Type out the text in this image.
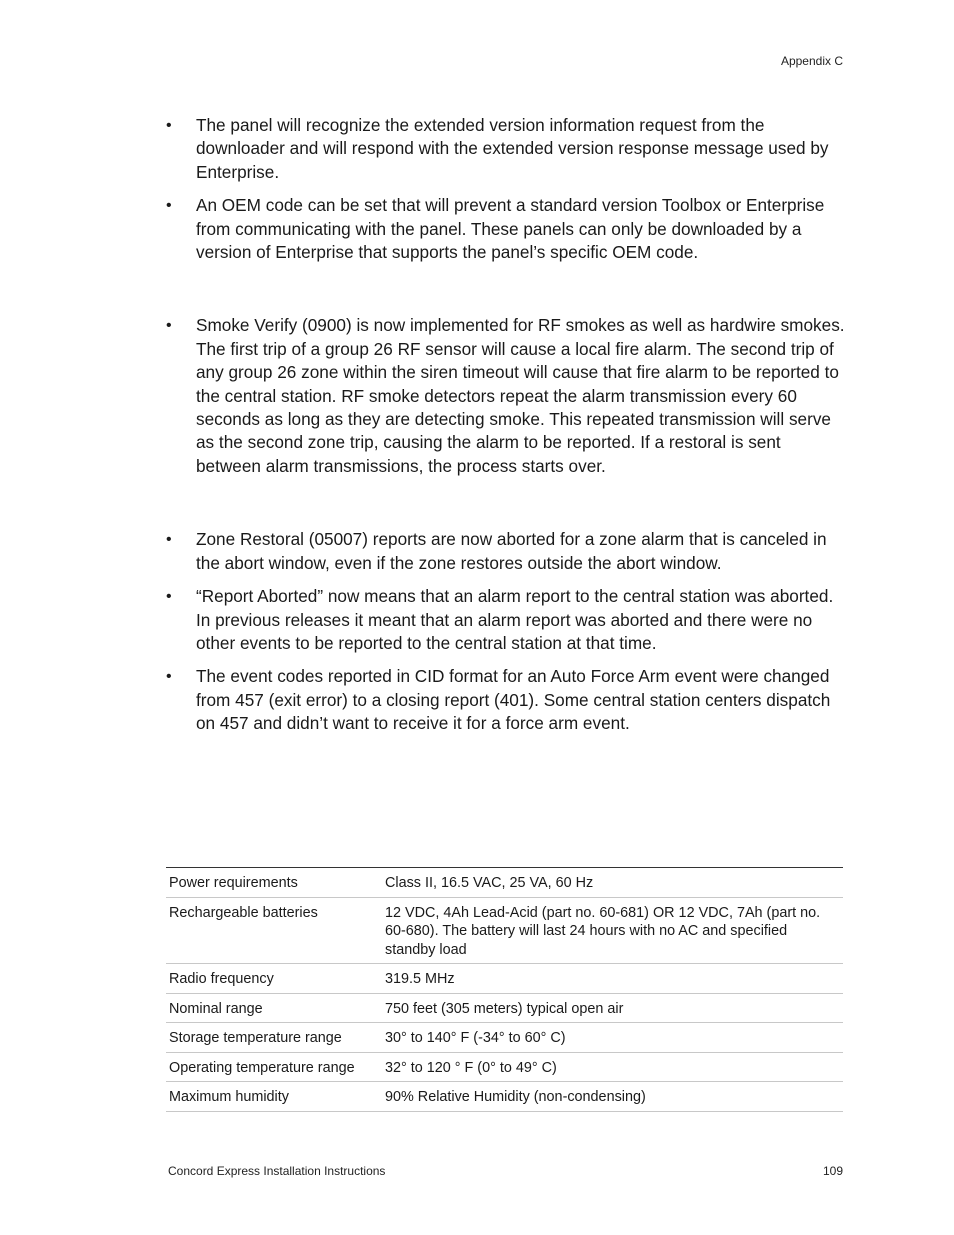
Appendix C
• The panel will recognize the extended version information request from the downloader and will respond with the extended version response message used by Enterprise.
• An OEM code can be set that will prevent a standard version Toolbox or Enterprise from communicating with the panel. These panels can only be downloaded by a version of Enterprise that supports the panel’s specific OEM code.
• Smoke Verify (0900) is now implemented for RF smokes as well as hardwire smokes. The first trip of a group 26 RF sensor will cause a local fire alarm. The second trip of any group 26 zone within the siren timeout will cause that fire alarm to be reported to the central station. RF smoke detectors repeat the alarm transmission every 60 seconds as long as they are detecting smoke. This repeated transmission will serve as the second zone trip, causing the alarm to be reported. If a restoral is sent between alarm transmissions, the process starts over.
• Zone Restoral (05007) reports are now aborted for a zone alarm that is canceled in the abort window, even if the zone restores outside the abort window.
• “Report Aborted” now means that an alarm report to the central station was aborted. In previous releases it meant that an alarm report was aborted and there were no other events to be reported to the central station at that time.
• The event codes reported in CID format for an Auto Force Arm event were changed from 457 (exit error) to a closing report (401). Some central station centers dispatch on 457 and didn’t want to receive it for a force arm event.
Power requirements	Class II, 16.5 VAC, 25 VA, 60 Hz
Rechargeable batteries	12 VDC, 4Ah Lead-Acid (part no. 60-681) OR 12 VDC, 7Ah (part no. 60-680). The battery will last 24 hours with no AC and specified standby load
Radio frequency	319.5 MHz
Nominal range	750 feet (305 meters) typical open air
Storage temperature range	30° to 140° F (-34° to 60° C)
Operating temperature range	32° to 120 ° F (0° to 49° C)
Maximum humidity	90% Relative Humidity (non-condensing)
Concord Express Installation Instructions	109
